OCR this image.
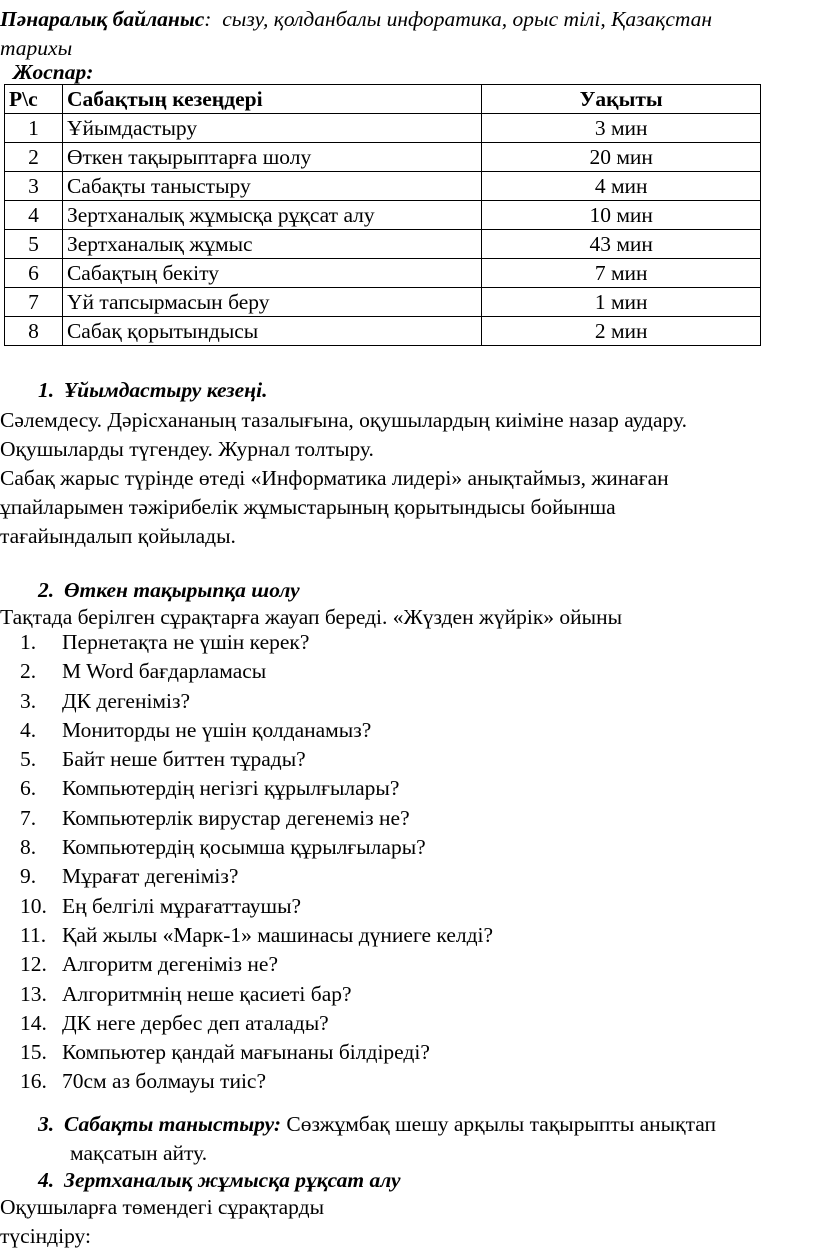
Пәнаралық байланыс: сызу, қолданбалы инфоратика, орыс тілі, Қазақстан
тарихы
Жоспар:
Р\с	Сабақтың кезеңдері	Уақыты
1	Ұйымдастыру	3 мин
2	Өткен тақырыптарға шолу	20 мин
3	Сабақты таныстыру	4 мин
4	Зертханалық жұмысқа рұқсат алу	10 мин
5	Зертханалық жұмыс	43 мин
6	Сабақтың бекіту	7 мин
7	Үй тапсырмасын беру	1 мин
8	Сабақ қорытындысы	2 мин
1. Ұйымдастыру кезеңі.
Сәлемдесу. Дәрісхананың тазалығына, оқушылардың киіміне назар аудару.
Оқушыларды түгендеу. Журнал толтыру.
Сабақ жарыс түрінде өтеді «Информатика лидері» анықтаймыз, жинаған
ұпайларымен тәжірибелік жұмыстарының қорытындысы бойынша
тағайындалып қойылады.
2. Өткен тақырыпқа шолу
Тақтада берілген сұрақтарға жауап береді. «Жүзден жүйрік» ойыны
1. Пернетақта не үшін керек?
2. M Word бағдарламасы
3. ДК дегеніміз?
4. Мониторды не үшін қолданамыз?
5. Байт неше биттен тұрады?
6. Компьютердің негізгі құрылғылары?
7. Компьютерлік вирустар дегенеміз не?
8. Компьютердің қосымша құрылғылары?
9. Мұрағат дегеніміз?
10. Ең белгілі мұрағаттаушы?
11. Қай жылы «Марк-1» машинасы дүниеге келді?
12. Алгоритм дегеніміз не?
13. Алгоритмнің неше қасиеті бар?
14. ДК неге дербес деп аталады?
15. Компьютер қандай мағынаны білдіреді?
16. 70см аз болмауы тиіс?
3. Сабақты таныстыру: Сөзжұмбақ шешу арқылы тақырыпты анықтап
мақсатын айту.
4. Зертханалық жұмысқа рұқсат алу
Оқушыларға төмендегі сұрақтарды
түсіндіру:
